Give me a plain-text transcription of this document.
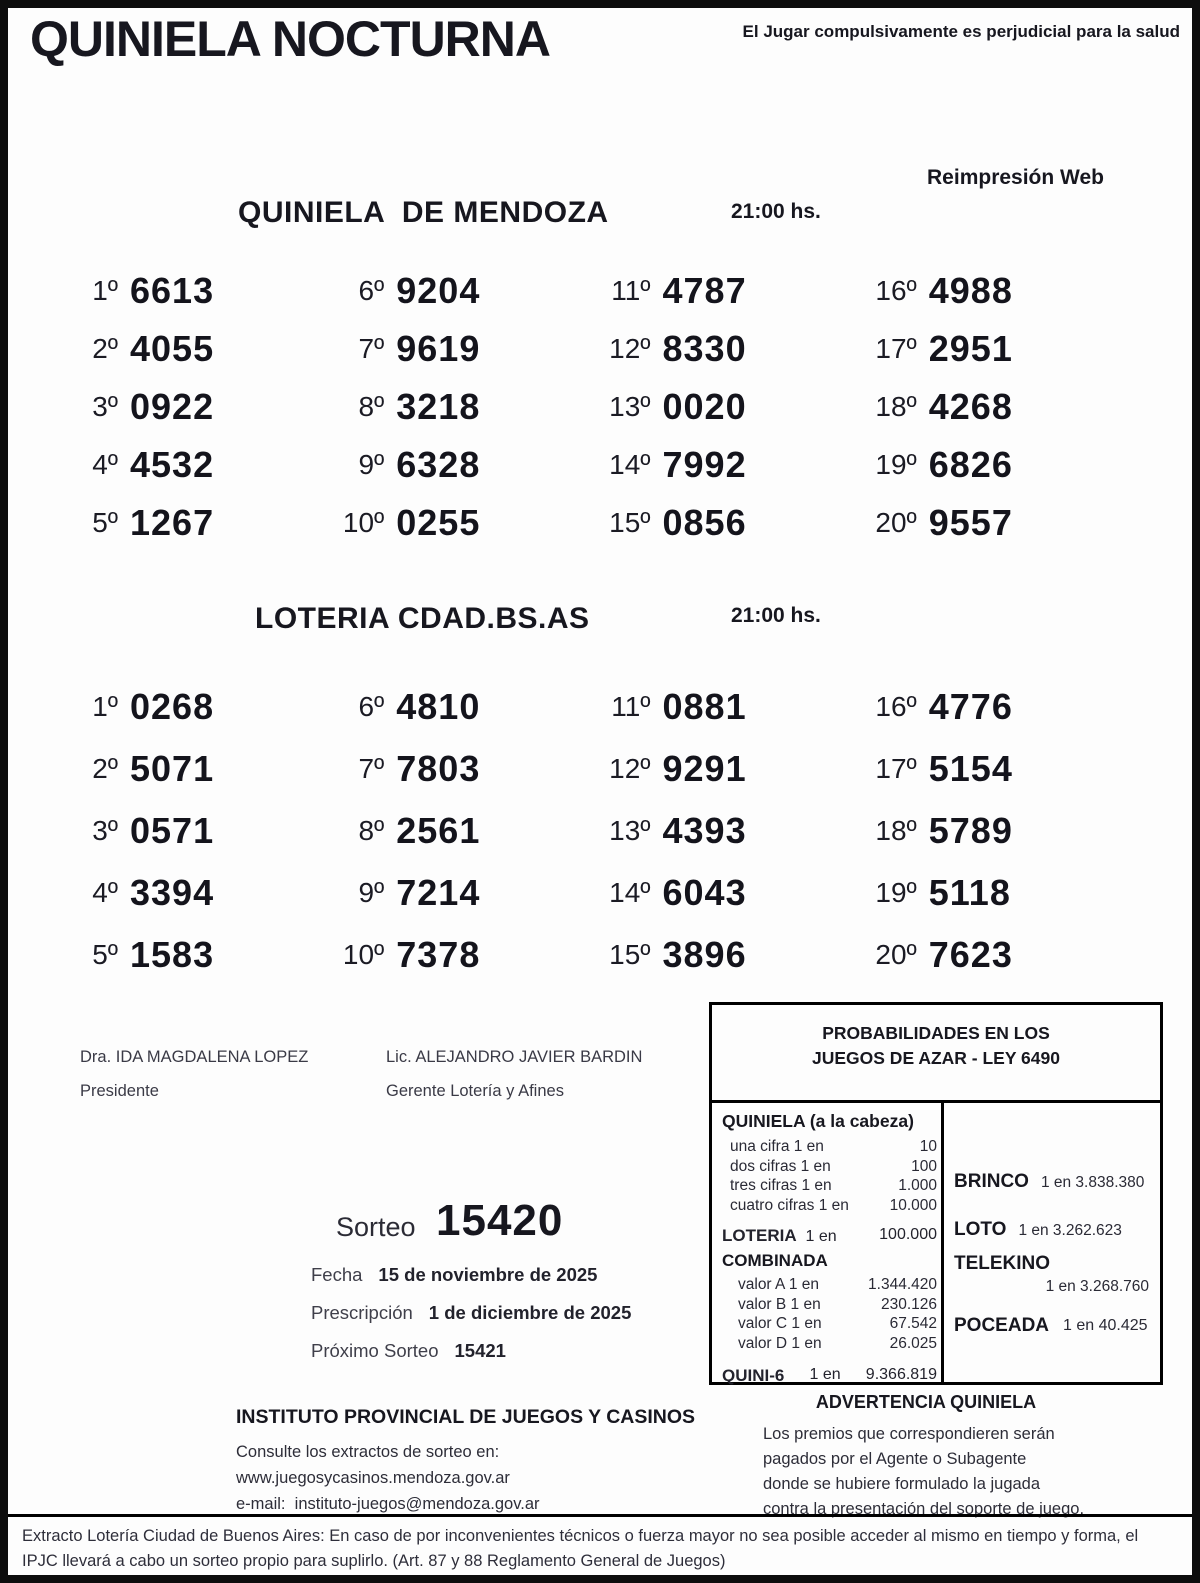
QUINIELA NOCTURNA	El Jugar compulsivamente es perjudicial para la salud
Reimpresión Web
QUINIELA  DE MENDOZA	21:00 hs.
1º 6613
2º 4055
3º 0922
4º 4532
5º 1267
6º 9204
7º 9619
8º 3218
9º 6328
10º 0255
11º 4787
12º 8330
13º 0020
14º 7992
15º 0856
16º 4988
17º 2951
18º 4268
19º 6826
20º 9557
LOTERIA CDAD.BS.AS	21:00 hs.
1º 0268
2º 5071
3º 0571
4º 3394
5º 1583
6º 4810
7º 7803
8º 2561
9º 7214
10º 7378
11º 0881
12º 9291
13º 4393
14º 6043
15º 3896
16º 4776
17º 5154
18º 5789
19º 5118
20º 7623
Dra. IDA MAGDALENA LOPEZ
Presidente
Lic. ALEJANDRO JAVIER BARDIN
Gerente Lotería y Afines
Sorteo 15420
Fecha 15 de noviembre de 2025
Prescripción 1 de diciembre de 2025
Próximo Sorteo 15421
PROBABILIDADES EN LOS
JUEGOS DE AZAR - LEY 6490
QUINIELA (a la cabeza)
una cifra 1 en	10
dos cifras 1 en	100
tres cifras 1 en	1.000
cuatro cifras 1 en	10.000
LOTERIA 1 en	100.000
COMBINADA
valor A 1 en	1.344.420
valor B 1 en	230.126
valor C 1 en	67.542
valor D 1 en	26.025
QUINI-6 1 en 9.366.819
BRINCO 1 en 3.838.380
LOTO 1 en 3.262.623
TELEKINO
1 en 3.268.760
POCEADA 1 en 40.425
INSTITUTO PROVINCIAL DE JUEGOS Y CASINOS
Consulte los extractos de sorteo en:
www.juegosycasinos.mendoza.gov.ar
e-mail:  instituto-juegos@mendoza.gov.ar
ADVERTENCIA QUINIELA
Los premios que correspondieren serán
pagados por el Agente o Subagente
donde se hubiere formulado la jugada
contra la presentación del soporte de juego.
Extracto Lotería Ciudad de Buenos Aires: En caso de por inconvenientes técnicos o fuerza mayor no sea posible acceder al mismo en tiempo y forma, el IPJC llevará a cabo un sorteo propio para suplirlo. (Art. 87 y 88 Reglamento General de Juegos)
